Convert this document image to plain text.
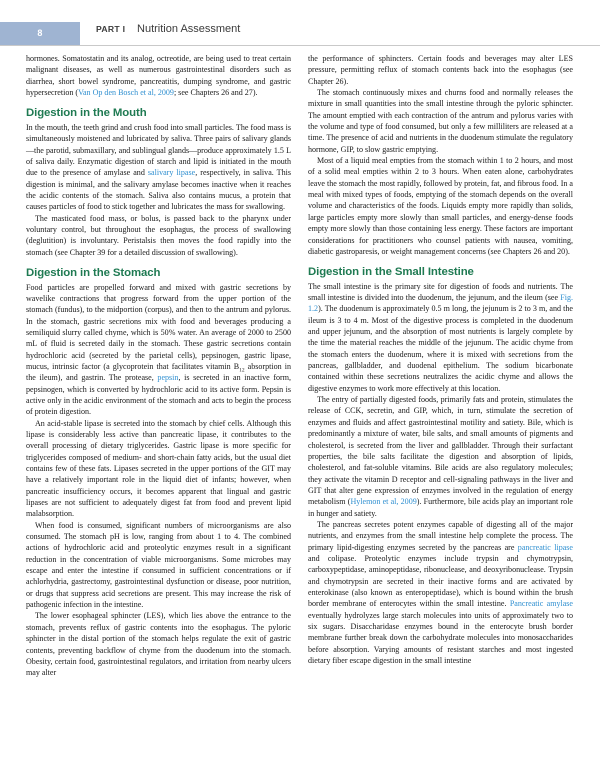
8	PART I Nutrition Assessment

hormones. Somatostatin and its analog, octreotide, are being used to treat certain malignant diseases, as well as numerous gastrointestinal disorders such as diarrhea, short bowel syndrome, pancreatitis, dumping syndrome, and gastric hypersecretion (Van Op den Bosch et al, 2009; see Chapters 26 and 27).

Digestion in the Mouth

In the mouth, the teeth grind and crush food into small particles. The food mass is simultaneously moistened and lubricated by saliva. Three pairs of salivary glands—the parotid, submaxillary, and sublingual glands—produce approximately 1.5 L of saliva daily. Enzymatic digestion of starch and lipid is initiated in the mouth due to the presence of amylase and salivary lipase, respectively, in saliva. This digestion is minimal, and the salivary amylase becomes inactive when it reaches the acidic contents of the stomach. Saliva also contains mucus, a protein that causes particles of food to stick together and lubricates the mass for swallowing.

The masticated food mass, or bolus, is passed back to the pharynx under voluntary control, but throughout the esophagus, the process of swallowing (deglutition) is involuntary. Peristalsis then moves the food rapidly into the stomach (see Chapter 39 for a detailed discussion of swallowing).

Digestion in the Stomach

Food particles are propelled forward and mixed with gastric secretions by wavelike contractions that progress forward from the upper portion of the stomach (fundus), to the midportion (corpus), and then to the antrum and pylorus. In the stomach, gastric secretions mix with food and beverages producing a semiliquid slurry called chyme, which is 50% water. An average of 2000 to 2500 mL of fluid is secreted daily in the stomach. These gastric secretions contain hydrochloric acid (secreted by the parietal cells), pepsinogen, gastric lipase, mucus, intrinsic factor (a glycoprotein that facilitates vitamin $B_{12}$ absorption in the ileum), and gastrin. The protease, pepsin, is secreted in an inactive form, pepsinogen, which is converted by hydrochloric acid to its active form. Pepsin is active only in the acidic environment of the stomach and acts to begin the process of protein digestion.

An acid-stable lipase is secreted into the stomach by chief cells. Although this lipase is considerably less active than pancreatic lipase, it contributes to the overall processing of dietary triglycerides. Gastric lipase is more specific for triglycerides composed of medium- and short-chain fatty acids, but the usual diet contains few of these fats. Lipases secreted in the upper portions of the GIT may have a relatively important role in the liquid diet of infants; however, when pancreatic insufficiency occurs, it becomes apparent that lingual and gastric lipases are not sufficient to adequately digest fat from food and prevent lipid malabsorption.

When food is consumed, significant numbers of microorganisms are also consumed. The stomach pH is low, ranging from about 1 to 4. The combined actions of hydrochloric acid and proteolytic enzymes result in a significant reduction in the concentration of viable microorganisms. Some microbes may escape and enter the intestine if consumed in sufficient concentrations or if achlorhydria, gastrectomy, gastrointestinal dysfunction or disease, poor nutrition, or drugs that suppress acid secretions are present. This may increase the risk of pathogenic infection in the intestine.

The lower esophageal sphincter (LES), which lies above the entrance to the stomach, prevents reflux of gastric contents into the esophagus. The pyloric sphincter in the distal portion of the stomach helps regulate the exit of gastric contents, preventing backflow of chyme from the duodenum into the stomach. Obesity, certain food, gastrointestinal regulators, and irritation from nearby ulcers may alter

the performance of sphincters. Certain foods and beverages may alter LES pressure, permitting reflux of stomach contents back into the esophagus (see Chapter 26).

The stomach continuously mixes and churns food and normally releases the mixture in small quantities into the small intestine through the pyloric sphincter. The amount emptied with each contraction of the antrum and pylorus varies with the volume and type of food consumed, but only a few milliliters are released at a time. The presence of acid and nutrients in the duodenum stimulate the regulatory hormone, GIP, to slow gastric emptying.

Most of a liquid meal empties from the stomach within 1 to 2 hours, and most of a solid meal empties within 2 to 3 hours. When eaten alone, carbohydrates leave the stomach the most rapidly, followed by protein, fat, and fibrous food. In a meal with mixed types of foods, emptying of the stomach depends on the overall volume and characteristics of the foods. Liquids empty more rapidly than solids, large particles empty more slowly than small particles, and energy-dense foods empty more slowly than those containing less energy. These factors are important considerations for practitioners who counsel patients with nausea, vomiting, diabetic gastroparesis, or weight management concerns (see Chapters 26 and 20).

Digestion in the Small Intestine

The small intestine is the primary site for digestion of foods and nutrients. The small intestine is divided into the duodenum, the jejunum, and the ileum (see Fig. 1.2). The duodenum is approximately 0.5 m long, the jejunum is 2 to 3 m, and the ileum is 3 to 4 m. Most of the digestive process is completed in the duodenum and upper jejunum, and the absorption of most nutrients is largely complete by the time the material reaches the middle of the jejunum. The acidic chyme from the stomach enters the duodenum, where it is mixed with secretions from the pancreas, gallbladder, and duodenal epithelium. The sodium bicarbonate contained within these secretions neutralizes the acidic chyme and allows the digestive enzymes to work more effectively at this location.

The entry of partially digested foods, primarily fats and protein, stimulates the release of CCK, secretin, and GIP, which, in turn, stimulate the secretion of enzymes and fluids and affect gastrointestinal motility and satiety. Bile, which is predominantly a mixture of water, bile salts, and small amounts of pigments and cholesterol, is secreted from the liver and gallbladder. Through their surfactant properties, the bile salts facilitate the digestion and absorption of lipids, cholesterol, and fat-soluble vitamins. Bile acids are also regulatory molecules; they activate the vitamin D receptor and cell-signaling pathways in the liver and GIT that alter gene expression of enzymes involved in the regulation of energy metabolism (Hylemon et al, 2009). Furthermore, bile acids play an important role in hunger and satiety.

The pancreas secretes potent enzymes capable of digesting all of the major nutrients, and enzymes from the small intestine help complete the process. The primary lipid-digesting enzymes secreted by the pancreas are pancreatic lipase and colipase. Proteolytic enzymes include trypsin and chymotrypsin, carboxypeptidase, aminopeptidase, ribonuclease, and deoxyribonuclease. Trypsin and chymotrypsin are secreted in their inactive forms and are activated by enterokinase (also known as enteropeptidase), which is bound within the brush border membrane of enterocytes within the small intestine. Pancreatic amylase eventually hydrolyzes large starch molecules into units of approximately two to six sugars. Disaccharidase enzymes bound in the enterocyte brush border membrane further break down the carbohydrate molecules into monosaccharides before absorption. Varying amounts of resistant starches and most ingested dietary fiber escape digestion in the small intestine
